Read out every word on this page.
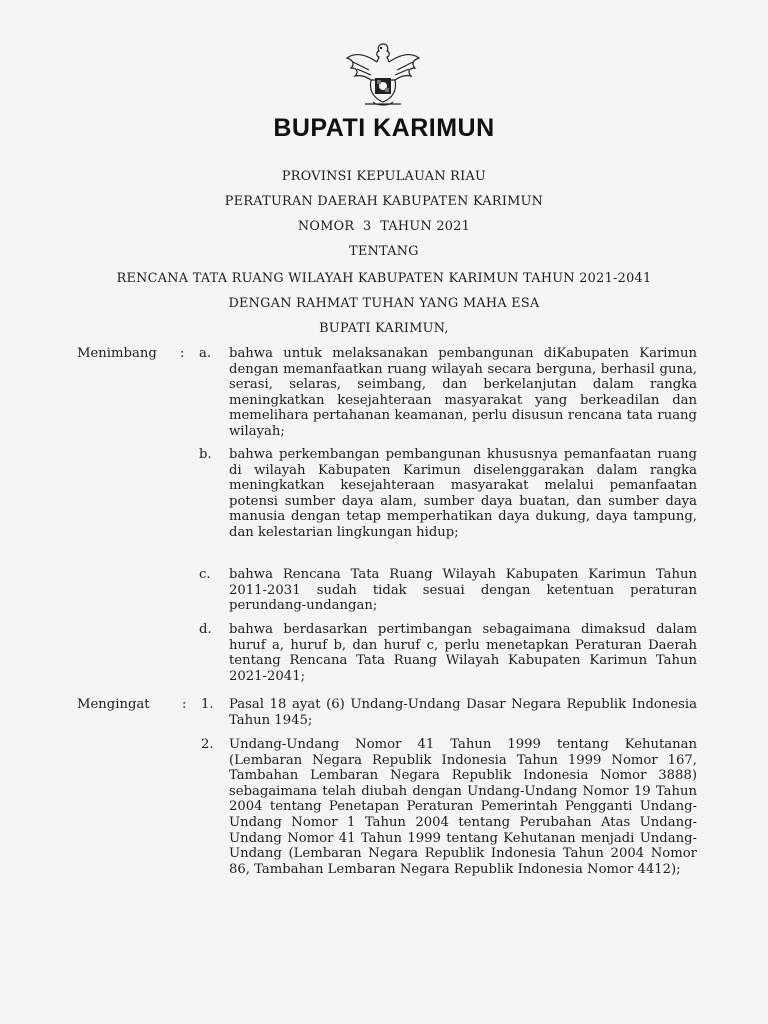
BUPATI KARIMUN
PROVINSI KEPULAUAN RIAU
PERATURAN DAERAH KABUPATEN KARIMUN
NOMOR  3  TAHUN 2021
TENTANG
RENCANA TATA RUANG WILAYAH KABUPATEN KARIMUN TAHUN 2021-2041
DENGAN RAHMAT TUHAN YANG MAHA ESA
BUPATI KARIMUN,
Menimbang : a. bahwa untuk melaksanakan pembangunan diKabupaten Karimun dengan memanfaatkan ruang wilayah secara berguna, berhasil guna, serasi, selaras, seimbang, dan berkelanjutan dalam rangka meningkatkan kesejahteraan masyarakat yang berkeadilan dan memelihara pertahanan keamanan, perlu disusun rencana tata ruang wilayah;
b. bahwa perkembangan pembangunan khususnya pemanfaatan ruang di wilayah Kabupaten Karimun diselenggarakan dalam rangka meningkatkan kesejahteraan masyarakat melalui pemanfaatan potensi sumber daya alam, sumber daya buatan, dan sumber daya manusia dengan tetap memperhatikan daya dukung, daya tampung, dan kelestarian lingkungan hidup;
c. bahwa Rencana Tata Ruang Wilayah Kabupaten Karimun Tahun 2011-2031 sudah tidak sesuai dengan ketentuan peraturan perundang-undangan;
d. bahwa berdasarkan pertimbangan sebagaimana dimaksud dalam huruf a, huruf b, dan huruf c, perlu menetapkan Peraturan Daerah tentang Rencana Tata Ruang Wilayah Kabupaten Karimun Tahun 2021-2041;
Mengingat : 1. Pasal 18 ayat (6) Undang-Undang Dasar Negara Republik Indonesia Tahun 1945;
2. Undang-Undang Nomor 41 Tahun 1999 tentang Kehutanan (Lembaran Negara Republik Indonesia Tahun 1999 Nomor 167, Tambahan Lembaran Negara Republik Indonesia Nomor 3888) sebagaimana telah diubah dengan Undang-Undang Nomor 19 Tahun 2004 tentang Penetapan Peraturan Pemerintah Pengganti Undang-Undang Nomor 1 Tahun 2004 tentang Perubahan Atas Undang-Undang Nomor 41 Tahun 1999 tentang Kehutanan menjadi Undang-Undang (Lembaran Negara Republik Indonesia Tahun 2004 Nomor 86, Tambahan Lembaran Negara Republik Indonesia Nomor 4412);
